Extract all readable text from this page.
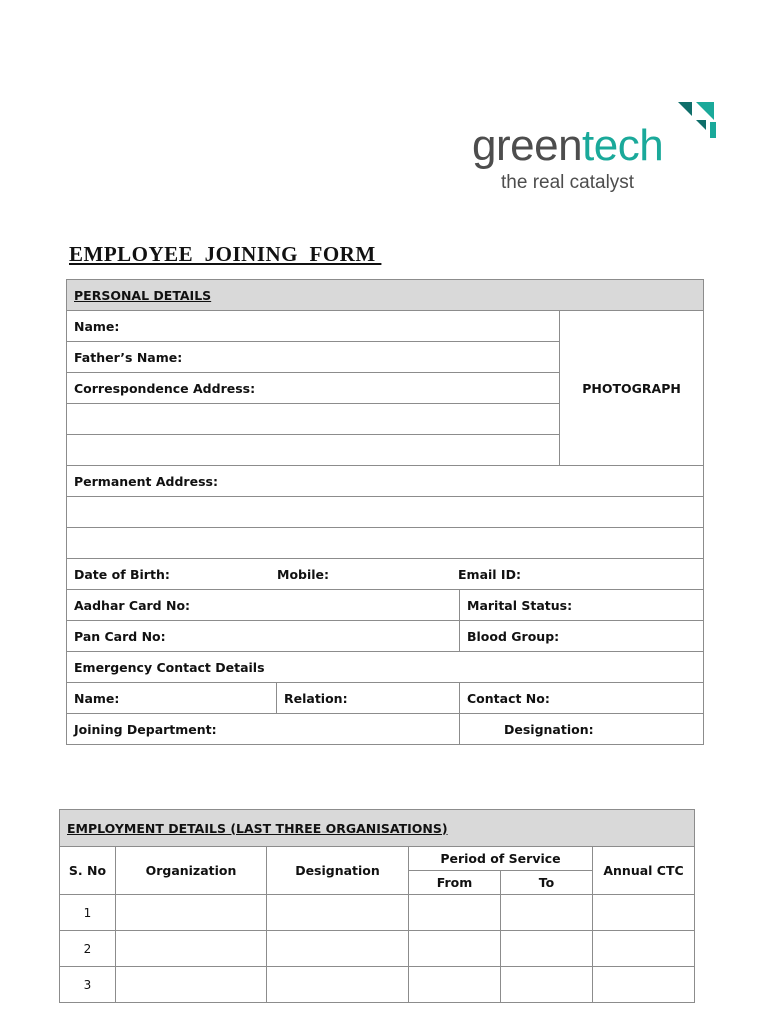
greentech
the real catalyst
EMPLOYEE  JOINING  FORM
PERSONAL DETAILS			
Name:			PHOTOGRAPH
Father’s Name:			
Correspondence Address:			

Permanent Address:			

Date of Birth: Mobile: Email ID:			
Aadhar Card No:		Marital Status:	
Pan Card No:		Blood Group:	
Emergency Contact Details			
Name:	Relation:	Contact No:	
Joining Department:		Designation:	
EMPLOYMENT DETAILS (LAST THREE ORGANISATIONS)					
S. No	Organization	Designation	Period of Service		Annual CTC
			From	To	
1					
2					
3					
